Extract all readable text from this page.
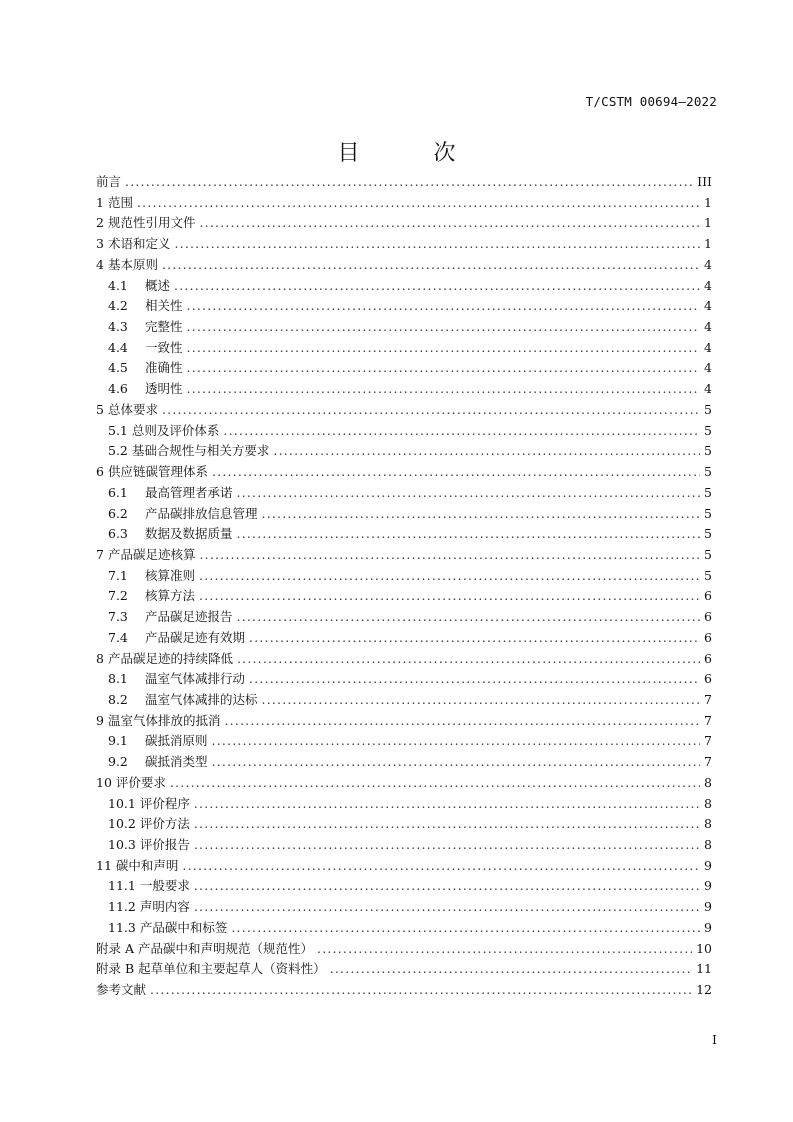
T/CSTM 00694—2022
目　次
前言 .....	III
1 范围 .....	1
2 规范性引用文件 .....	1
3 术语和定义 .....	1
4 基本原则 .....	4
4.1 概述 .....	4
4.2 相关性 .....	4
4.3 完整性 .....	4
4.4 一致性 .....	4
4.5 准确性 .....	4
4.6 透明性 .....	4
5 总体要求 .....	5
5.1 总则及评价体系 .....	5
5.2 基础合规性与相关方要求 .....	5
6 供应链碳管理体系 .....	5
6.1 最高管理者承诺 .....	5
6.2 产品碳排放信息管理 .....	5
6.3 数据及数据质量 .....	5
7 产品碳足迹核算 .....	5
7.1 核算准则 .....	5
7.2 核算方法 .....	6
7.3 产品碳足迹报告 .....	6
7.4 产品碳足迹有效期 .....	6
8 产品碳足迹的持续降低 .....	6
8.1 温室气体减排行动 .....	6
8.2 温室气体减排的达标 .....	7
9 温室气体排放的抵消 .....	7
9.1 碳抵消原则 .....	7
9.2 碳抵消类型 .....	7
10 评价要求 .....	8
10.1 评价程序 .....	8
10.2 评价方法 .....	8
10.3 评价报告 .....	8
11 碳中和声明 .....	9
11.1 一般要求 .....	9
11.2 声明内容 .....	9
11.3 产品碳中和标签 .....	9
附录 A 产品碳中和声明规范（规范性） .....	10
附录 B 起草单位和主要起草人（资料性） .....	11
参考文献 .....	12
I
